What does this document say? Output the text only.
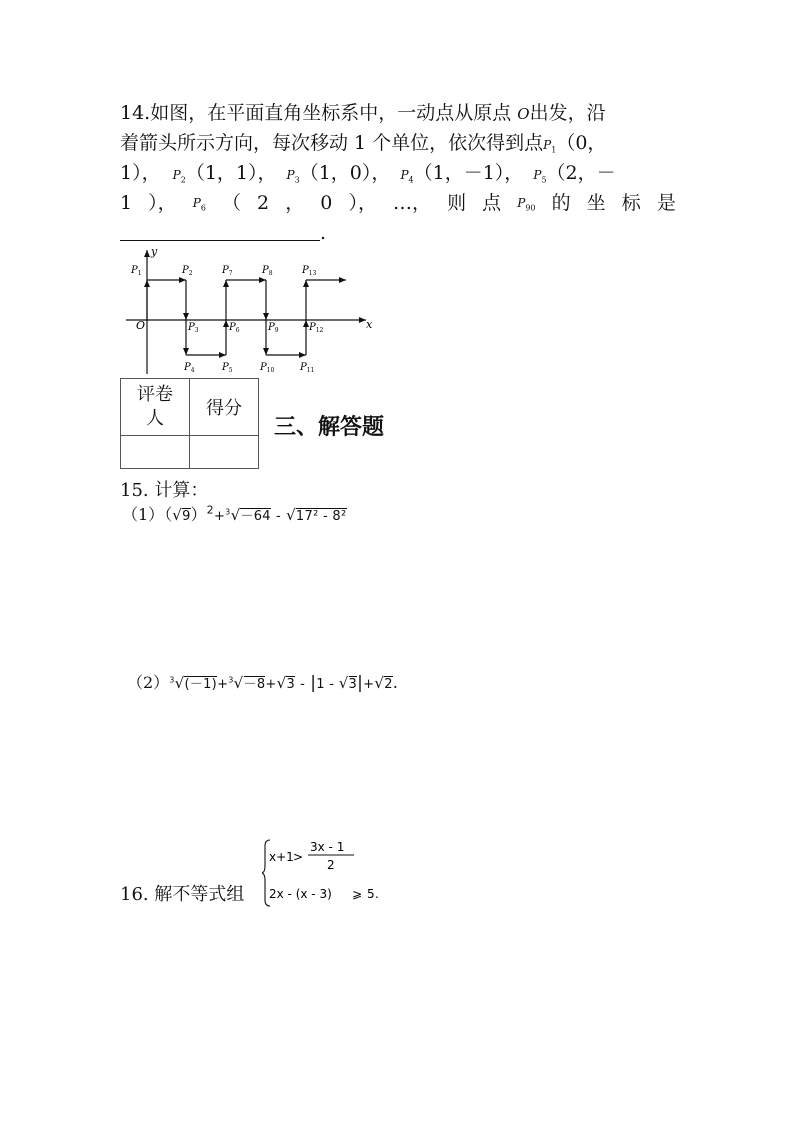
14.如图，在平面直角坐标系中，一动点从原点 O出发，沿
着箭头所示方向，每次移动 1 个单位，依次得到点$P_1(0$，
1）， $P_2(1$，1）， $P_3(1$，0）， $P_4(1$，－1）， $P_5(2$，－
1 ）， $P_6$ （ 2 ， 0 ）， …， 则 点 $P_{90}$ 的 坐 标 是
.
x
y
O
$P_1$	$P_2$
$P_3$
$P_4$	$P_5$
$P_6$
$P_7$	$P_8$
$P_9$
$P_{10}$	$P_{11}$
$P_{12}$
$P_{13}$
评卷
人	得分

三、解答题
15. 计算：
$(1)(√9)^2+^3√-64 - √17^2 - 8^2$
$(2)^3√(-1)+^3√-8+√3 - |1 - √3|+√2$.
16. 解不等式组
x+1 >
3x - 1
2
2x - (x - 3) ⩾ 5 .
